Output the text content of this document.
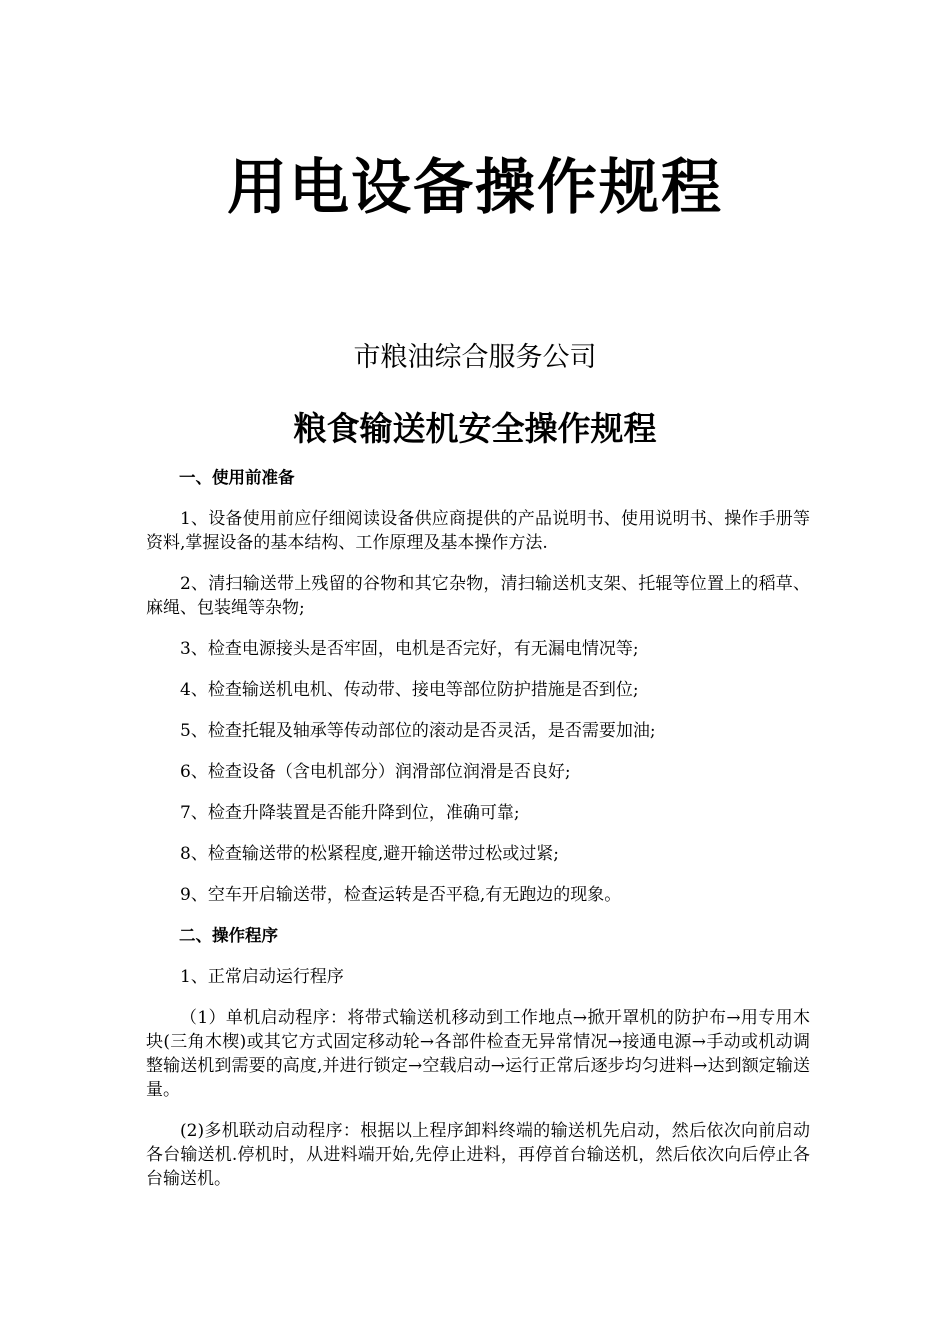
用电设备操作规程
市粮油综合服务公司
粮食输送机安全操作规程

一、使用前准备

1、设备使用前应仔细阅读设备供应商提供的产品说明书、使用说明书、操作手册等资料,掌握设备的基本结构、工作原理及基本操作方法.

2、清扫输送带上残留的谷物和其它杂物，清扫输送机支架、托辊等位置上的稻草、麻绳、包装绳等杂物;

3、检查电源接头是否牢固，电机是否完好，有无漏电情况等;

4、检查输送机电机、传动带、接电等部位防护措施是否到位;

5、检查托辊及轴承等传动部位的滚动是否灵活，是否需要加油;

6、检查设备（含电机部分）润滑部位润滑是否良好;

7、检查升降装置是否能升降到位，准确可靠;

8、检查输送带的松紧程度,避开输送带过松或过紧;

9、空车开启输送带，检查运转是否平稳,有无跑边的现象。

二、操作程序

1、正常启动运行程序

（1）单机启动程序：将带式输送机移动到工作地点→掀开罩机的防护布→用专用木块(三角木楔)或其它方式固定移动轮→各部件检查无异常情况→接通电源→手动或机动调整输送机到需要的高度,并进行锁定→空载启动→运行正常后逐步均匀进料→达到额定输送量。

(2)多机联动启动程序：根据以上程序卸料终端的输送机先启动，然后依次向前启动各台输送机.停机时，从进料端开始,先停止进料，再停首台输送机，然后依次向后停止各台输送机。
